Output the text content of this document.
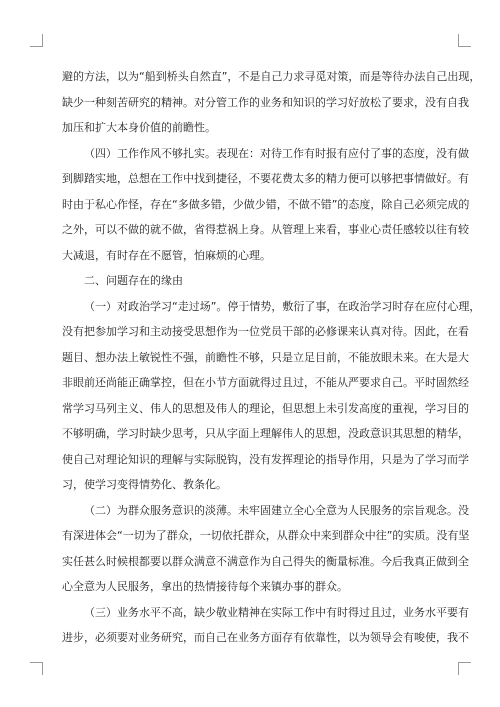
避的方法，以为“船到桥头自然直”，不是自己力求寻觅对策，而是等待办法自己出现，
缺少一种刻苦研究的精神。对分管工作的业务和知识的学习好放松了要求，没有自我
加压和扩大本身价值的前瞻性。
（四）工作作风不够扎实。表现在：对待工作有时报有应付了事的态度，没有做
到脚踏实地，总想在工作中找到捷径，不要花费太多的精力便可以够把事情做好。有
时由于私心作怪，存在“多做多错，少做少错，不做不错”的态度，除自己必须完成的
之外，可以不做的就不做，省得惹祸上身。从管理上来看，事业心责任感较以往有较
大减退，有时存在不愿管，怕麻烦的心理。
二、问题存在的缘由
（一）对政治学习“走过场”。停于情势，敷衍了事，在政治学习时存在应付心理，
没有把参加学习和主动接受思想作为一位党员干部的必修课来认真对待。因此，在看
题目、想办法上敏锐性不强，前瞻性不够，只是立足目前，不能放眼未来。在大是大
非眼前还尚能正确掌控，但在小节方面就得过且过，不能从严要求自己。平时固然经
常学习马列主义、伟人的思想及伟人的理论，但思想上未引发高度的重视，学习目的
不够明确，学习时缺少思考，只从字面上理解伟人的思想，没政意识其思想的精华，
使自己对理论知识的理解与实际脱钩，没有发挥理论的指导作用，只是为了学习而学
习，使学习变得情势化、教条化。
（二）为群众服务意识的淡薄。未牢固建立全心全意为人民服务的宗旨观念。没
有深进体会“一切为了群众，一切依托群众，从群众中来到群众中往”的实质。没有坚
实任甚么时候根都要以群众满意不满意作为自己得失的衡量标准。今后我真正做到全
心全意为人民服务，拿出的热情接待每个来镇办事的群众。
（三）业务水平不高，缺少敬业精神在实际工作中有时得过且过，业务水平要有
进步，必须要对业务研究，而自己在业务方面存有依靠性，以为领导会有唆使，我不
